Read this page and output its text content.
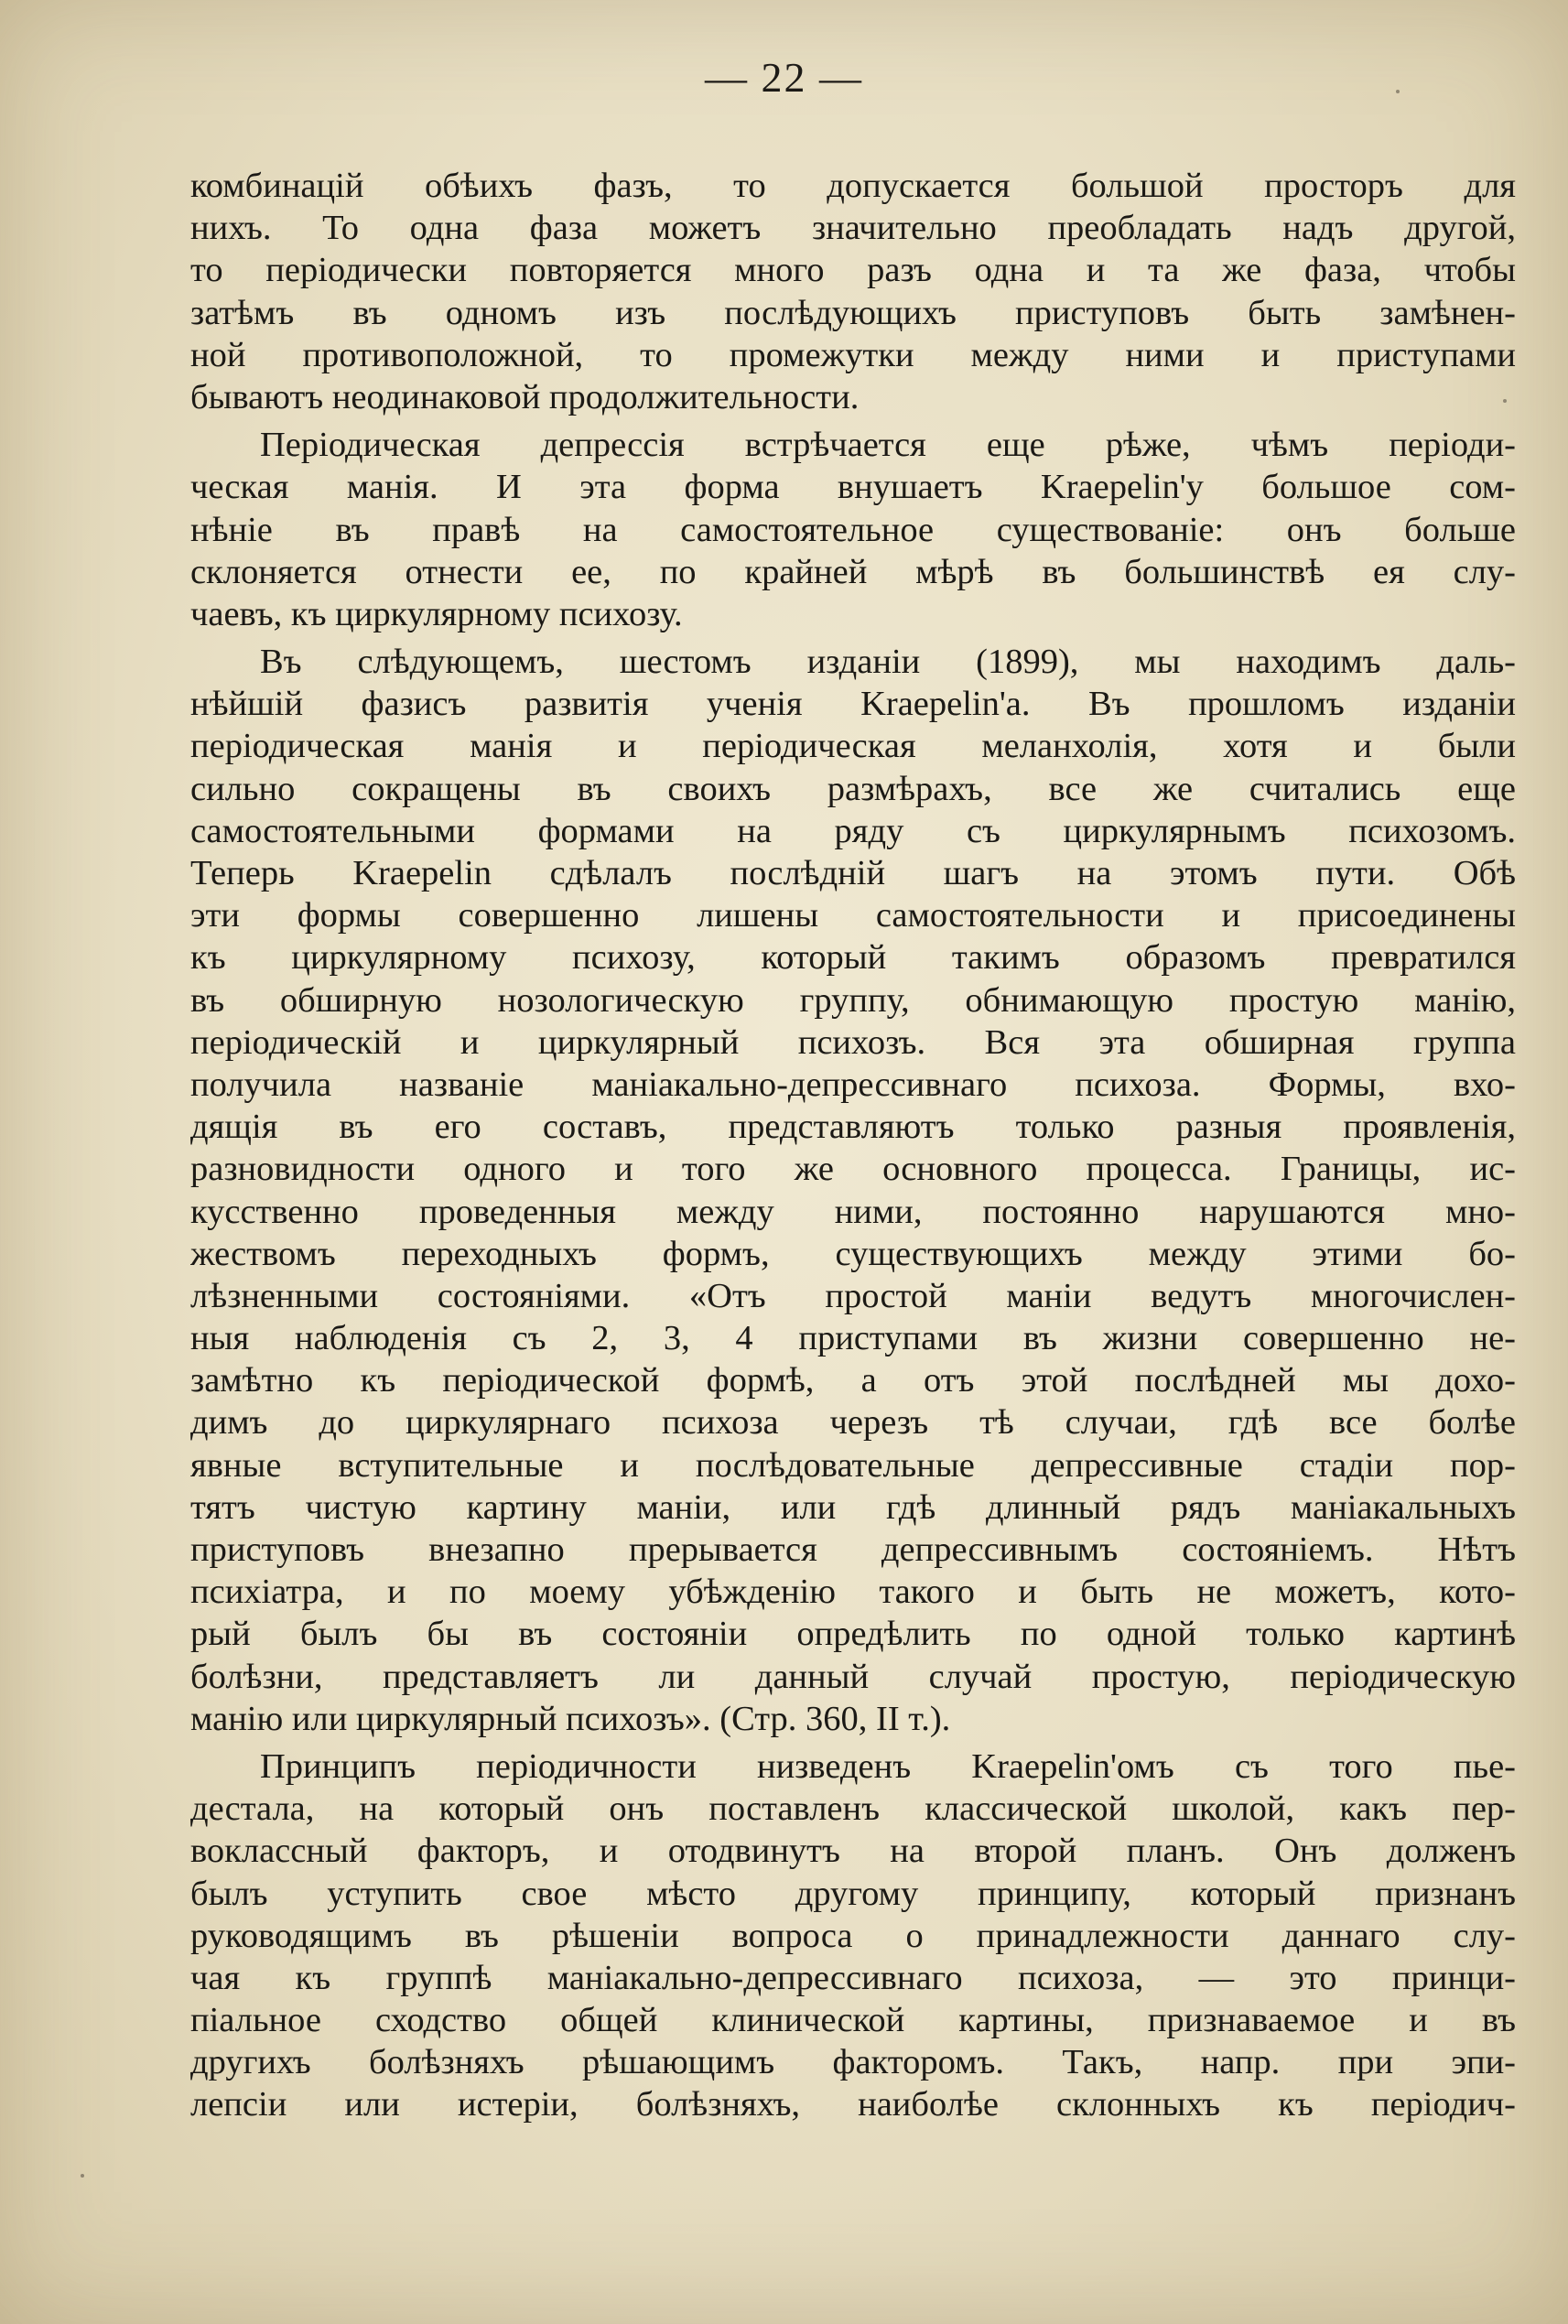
— 22 —
комбинацій обѣихъ фазъ, то допускается большой просторъ для
нихъ. То одна фаза можетъ значительно преобладать надъ другой,
то періодически повторяется много разъ одна и та же фаза, чтобы
затѣмъ въ одномъ изъ послѣдующихъ приступовъ быть замѣнен-
ной противоположной, то промежутки между ними и приступами
бываютъ неодинаковой продолжительности.
Періодическая депрессія встрѣчается еще рѣже, чѣмъ періоди-
ческая манія. И эта форма внушаетъ Kraepelin'у большое сом-
нѣніе въ правѣ на самостоятельное существованіе: онъ больше
склоняется отнести ее, по крайней мѣрѣ въ большинствѣ ея слу-
чаевъ, къ циркулярному психозу.
Въ слѣдующемъ, шестомъ изданіи (1899), мы находимъ даль-
нѣйшій фазисъ развитія ученія Kraepelin'а. Въ прошломъ изданіи
періодическая манія и періодическая меланхолія, хотя и были
сильно сокращены въ своихъ размѣрахъ, все же считались еще
самостоятельными формами на ряду съ циркулярнымъ психозомъ.
Теперь Kraepelin сдѣлалъ послѣдній шагъ на этомъ пути. Обѣ
эти формы совершенно лишены самостоятельности и присоединены
къ циркулярному психозу, который такимъ образомъ превратился
въ обширную нозологическую группу, обнимающую простую манію,
періодическій и циркулярный психозъ. Вся эта обширная группа
получила названіе маніакально-депрессивнаго психоза. Формы, вхо-
дящія въ его составъ, представляютъ только разныя проявленія,
разновидности одного и того же основного процесса. Границы, ис-
кусственно проведенныя между ними, постоянно нарушаются мно-
жествомъ переходныхъ формъ, существующихъ между этими бо-
лѣзненными состояніями. «Отъ простой маніи ведутъ многочислен-
ныя наблюденія съ 2, 3, 4 приступами въ жизни совершенно не-
замѣтно къ періодической формѣ, а отъ этой послѣдней мы дохо-
димъ до циркулярнаго психоза черезъ тѣ случаи, гдѣ все болѣе
явные вступительные и послѣдовательные депрессивные стадіи пор-
тятъ чистую картину маніи, или гдѣ длинный рядъ маніакальныхъ
приступовъ внезапно прерывается депрессивнымъ состояніемъ. Нѣтъ
психіатра, и по моему убѣжденію такого и быть не можетъ, кото-
рый былъ бы въ состояніи опредѣлить по одной только картинѣ
болѣзни, представляетъ ли данный случай простую, періодическую
манію или циркулярный психозъ». (Стр. 360, II т.).
Принципъ періодичности низведенъ Kraepelin'омъ съ того пье-
дестала, на который онъ поставленъ классической школой, какъ пер-
воклассный факторъ, и отодвинутъ на второй планъ. Онъ долженъ
былъ уступить свое мѣсто другому принципу, который признанъ
руководящимъ въ рѣшеніи вопроса о принадлежности даннаго слу-
чая къ группѣ маніакально-депрессивнаго психоза, — это принци-
піальное сходство общей клинической картины, признаваемое и въ
другихъ болѣзняхъ рѣшающимъ факторомъ. Такъ, напр. при эпи-
лепсіи или истеріи, болѣзняхъ, наиболѣе склонныхъ къ періодич-
